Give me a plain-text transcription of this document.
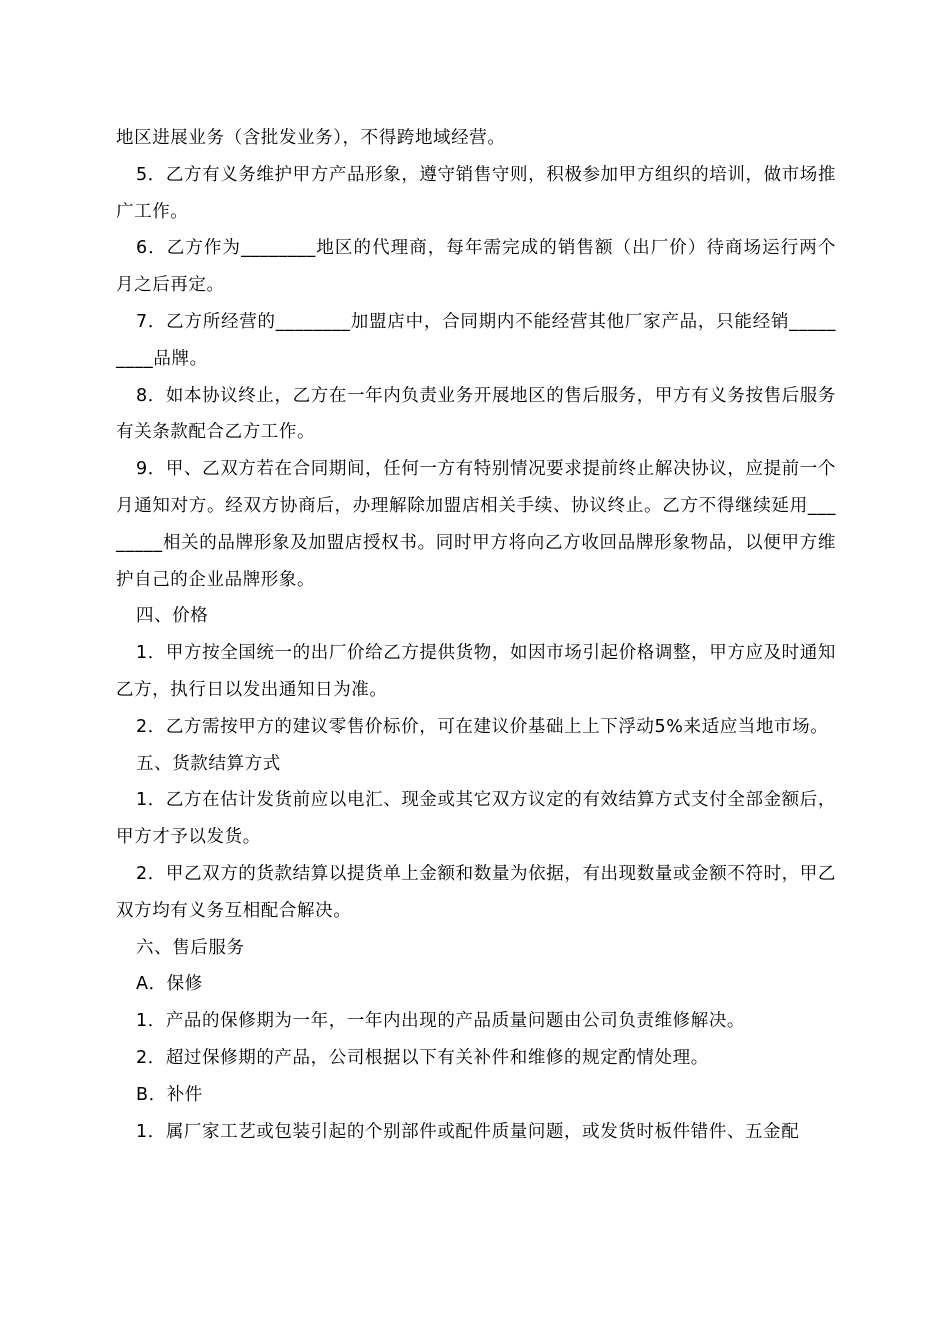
地区进展业务（含批发业务），不得跨地域经营。

5．乙方有义务维护甲方产品形象，遵守销售守则，积极参加甲方组织的培训，做市场推广工作。

6．乙方作为________地区的代理商，每年需完成的销售额（出厂价）待商场运行两个月之后再定。

7．乙方所经营的________加盟店中，合同期内不能经营其他厂家产品，只能经销_________品牌。

8．如本协议终止，乙方在一年内负责业务开展地区的售后服务，甲方有义务按售后服务有关条款配合乙方工作。

9．甲、乙双方若在合同期间，任何一方有特别情况要求提前终止解决协议，应提前一个月通知对方。经双方协商后，办理解除加盟店相关手续、协议终止。乙方不得继续延用________相关的品牌形象及加盟店授权书。同时甲方将向乙方收回品牌形象物品，以便甲方维护自己的企业品牌形象。

四、价格

1．甲方按全国统一的出厂价给乙方提供货物，如因市场引起价格调整，甲方应及时通知乙方，执行日以发出通知日为准。

2．乙方需按甲方的建议零售价标价，可在建议价基础上上下浮动5%来适应当地市场。

五、货款结算方式

1．乙方在估计发货前应以电汇、现金或其它双方议定的有效结算方式支付全部金额后，甲方才予以发货。

2．甲乙双方的货款结算以提货单上金额和数量为依据，有出现数量或金额不符时，甲乙双方均有义务互相配合解决。

六、售后服务

A．保修

1．产品的保修期为一年，一年内出现的产品质量问题由公司负责维修解决。

2．超过保修期的产品，公司根据以下有关补件和维修的规定酌情处理。

B．补件

1．属厂家工艺或包装引起的个别部件或配件质量问题，或发货时板件错件、五金配
